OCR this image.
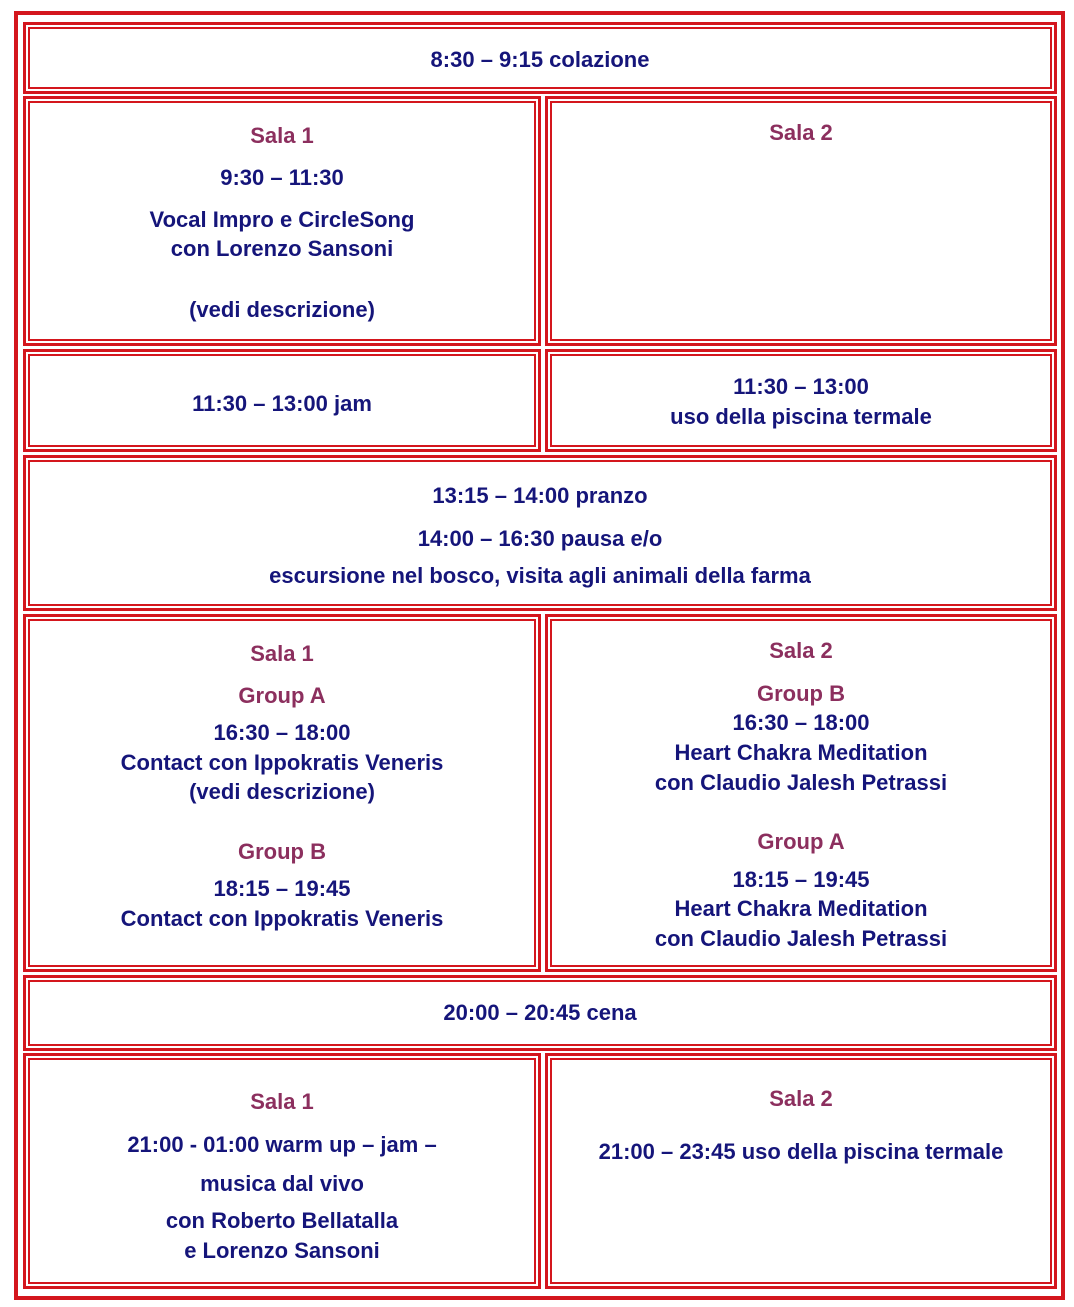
8:30 – 9:15 colazione
Sala 1
9:30 – 11:30
Vocal Impro e CircleSong
con Lorenzo Sansoni
(vedi descrizione)
Sala 2
11:30 – 13:00 jam
11:30 – 13:00
uso della piscina termale
13:15 – 14:00 pranzo
14:00 – 16:30 pausa e/o
escursione nel bosco, visita agli animali della farma
Sala 1
Group A
16:30 – 18:00
Contact con Ippokratis Veneris
(vedi descrizione)
Group B
18:15 – 19:45
Contact con Ippokratis Veneris
Sala 2
Group B
16:30 – 18:00
Heart Chakra Meditation
con Claudio Jalesh Petrassi
Group A
18:15 – 19:45
Heart Chakra Meditation
con Claudio Jalesh Petrassi
20:00 – 20:45 cena
Sala 1
21:00 - 01:00 warm up – jam –
musica dal vivo
con Roberto Bellatalla
e Lorenzo Sansoni
Sala 2
21:00 – 23:45 uso della piscina termale
